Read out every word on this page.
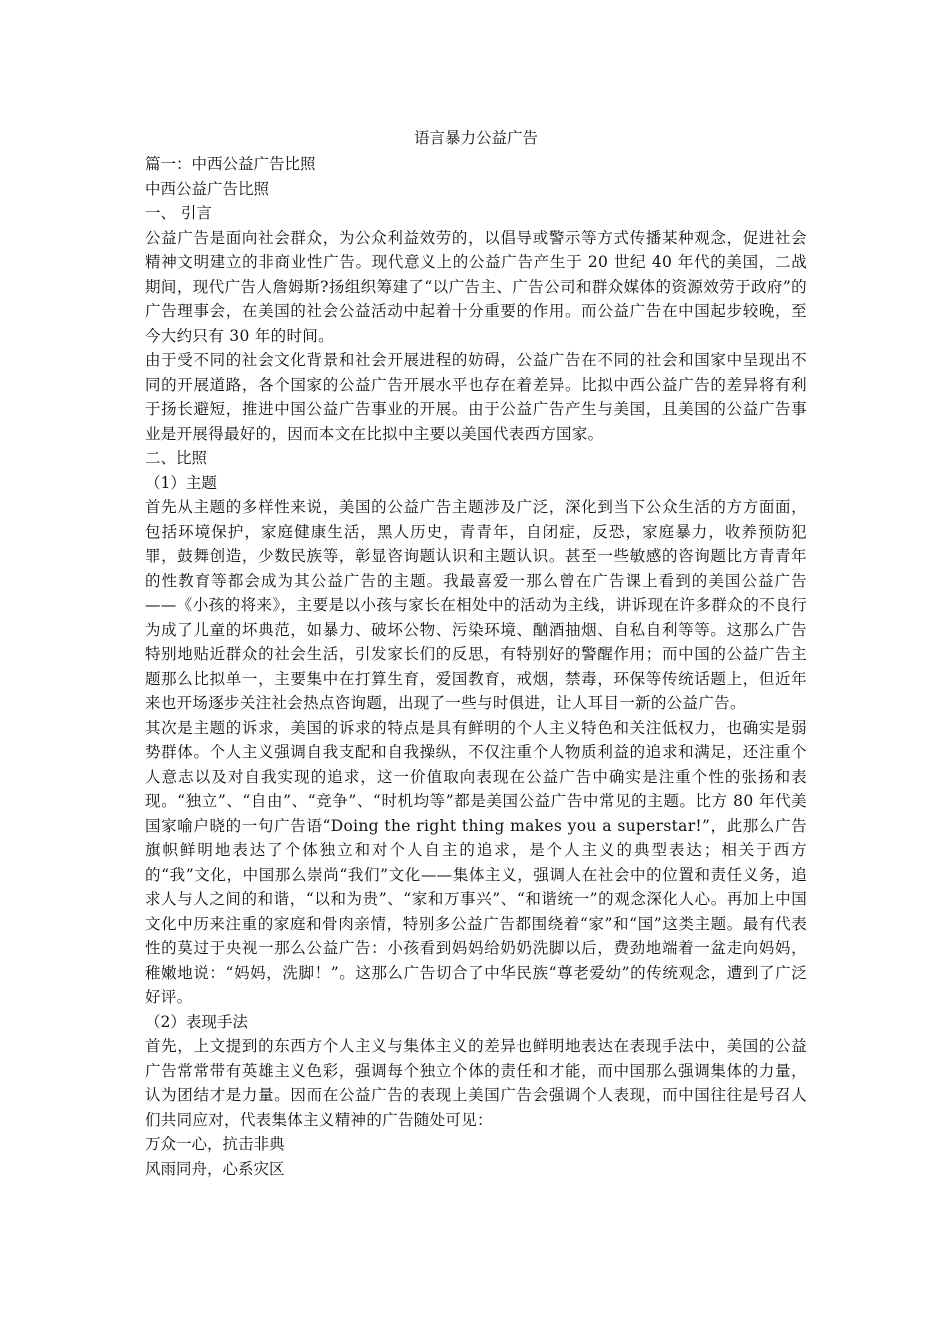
语言暴力公益广告

篇一：中西公益广告比照

中西公益广告比照

一、 引言

公益广告是面向社会群众，为公众利益效劳的，以倡导或警示等方式传播某种观念，促进社会精神文明建立的非商业性广告。现代意义上的公益广告产生于 20 世纪 40 年代的美国，二战期间，现代广告人詹姆斯?扬组织筹建了“以广告主、广告公司和群众媒体的资源效劳于政府”的广告理事会，在美国的社会公益活动中起着十分重要的作用。而公益广告在中国起步较晚，至今大约只有 30 年的时间。

由于受不同的社会文化背景和社会开展进程的妨碍，公益广告在不同的社会和国家中呈现出不同的开展道路，各个国家的公益广告开展水平也存在着差异。比拟中西公益广告的差异将有利于扬长避短，推进中国公益广告事业的开展。由于公益广告产生与美国，且美国的公益广告事业是开展得最好的，因而本文在比拟中主要以美国代表西方国家。

二、比照

（1）主题

首先从主题的多样性来说，美国的公益广告主题涉及广泛，深化到当下公众生活的方方面面，包括环境保护，家庭健康生活，黑人历史，青青年，自闭症，反恐，家庭暴力，收养预防犯罪，鼓舞创造，少数民族等，彰显咨询题认识和主题认识。甚至一些敏感的咨询题比方青青年的性教育等都会成为其公益广告的主题。我最喜爱一那么曾在广告课上看到的美国公益广告——《小孩的将来》，主要是以小孩与家长在相处中的活动为主线，讲诉现在许多群众的不良行为成了儿童的坏典范，如暴力、破坏公物、污染环境、酗酒抽烟、自私自利等等。这那么广告特别地贴近群众的社会生活，引发家长们的反思，有特别好的警醒作用；而中国的公益广告主题那么比拟单一，主要集中在打算生育，爱国教育，戒烟，禁毒，环保等传统话题上，但近年来也开场逐步关注社会热点咨询题，出现了一些与时俱进，让人耳目一新的公益广告。

其次是主题的诉求，美国的诉求的特点是具有鲜明的个人主义特色和关注低权力，也确实是弱势群体。个人主义强调自我支配和自我操纵，不仅注重个人物质利益的追求和满足，还注重个人意志以及对自我实现的追求，这一价值取向表现在公益广告中确实是注重个性的张扬和表现。“独立”、“自由”、“竞争”、“时机均等”都是美国公益广告中常见的主题。比方 80 年代美国家喻户晓的一句广告语“Doing the right thing makes you a superstar!”，此那么广告旗帜鲜明地表达了个体独立和对个人自主的追求，是个人主义的典型表达；相关于西方的“我”文化，中国那么崇尚“我们”文化——集体主义，强调人在社会中的位置和责任义务，追求人与人之间的和谐，“以和为贵”、“家和万事兴”、“和谐统一”的观念深化人心。再加上中国文化中历来注重的家庭和骨肉亲情，特别多公益广告都围绕着“家”和“国”这类主题。最有代表性的莫过于央视一那么公益广告：小孩看到妈妈给奶奶洗脚以后，费劲地端着一盆走向妈妈，稚嫩地说：“妈妈，洗脚！”。这那么广告切合了中华民族“尊老爱幼”的传统观念，遭到了广泛好评。

（2）表现手法

首先，上文提到的东西方个人主义与集体主义的差异也鲜明地表达在表现手法中，美国的公益广告常常带有英雄主义色彩，强调每个独立个体的责任和才能，而中国那么强调集体的力量，认为团结才是力量。因而在公益广告的表现上美国广告会强调个人表现，而中国往往是号召人们共同应对，代表集体主义精神的广告随处可见：

万众一心，抗击非典

风雨同舟，心系灾区
